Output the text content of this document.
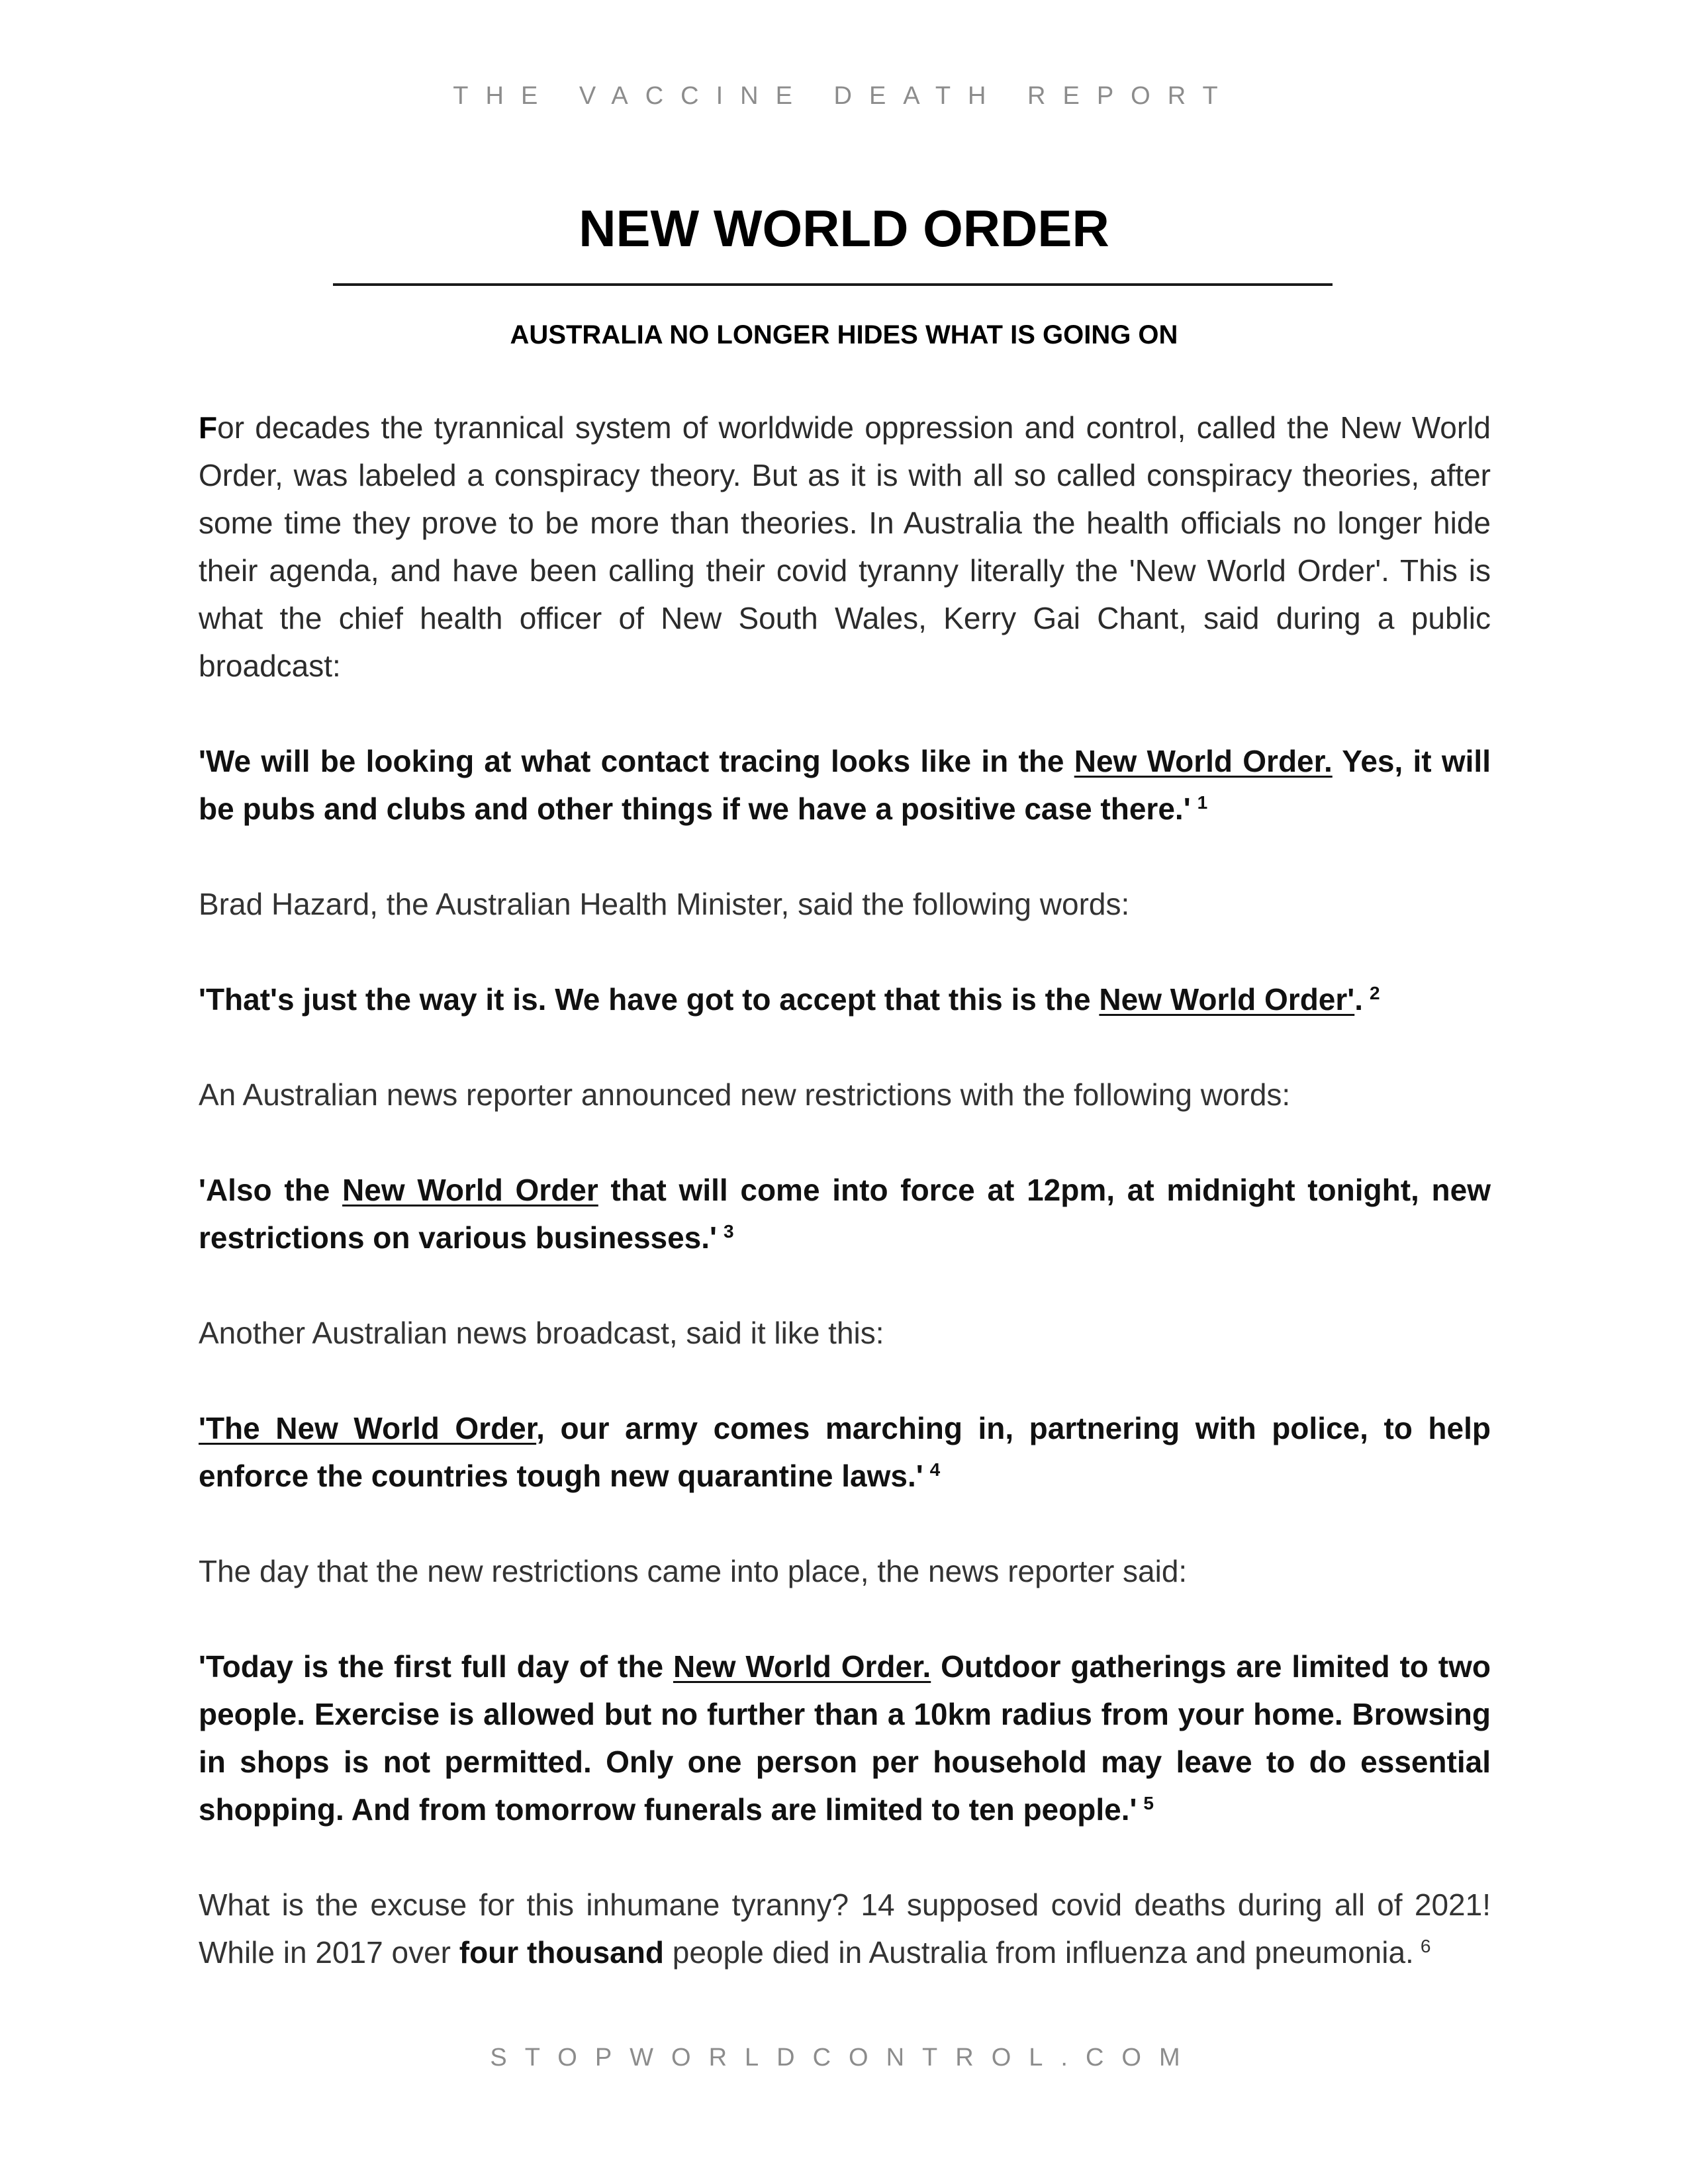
THE VACCINE DEATH REPORT
NEW WORLD ORDER
AUSTRALIA NO LONGER HIDES WHAT IS GOING ON

For decades the tyrannical system of worldwide oppression and control, called the New World Order, was labeled a conspiracy theory. But as it is with all so called conspiracy theories, after some time they prove to be more than theories. In Australia the health officials no longer hide their agenda, and have been calling their covid tyranny literally the 'New World Order'. This is what the chief health officer of New South Wales, Kerry Gai Chant, said during a public broadcast:

'We will be looking at what contact tracing looks like in the New World Order. Yes, it will be pubs and clubs and other things if we have a positive case there.' $^1$

Brad Hazard, the Australian Health Minister, said the following words:

'That's just the way it is. We have got to accept that this is the New World Order'. $^2$

An Australian news reporter announced new restrictions with the following words:

'Also the New World Order that will come into force at 12pm, at midnight tonight, new restrictions on various businesses.' $^3$

Another Australian news broadcast, said it like this:

'The New World Order, our army comes marching in, partnering with police, to help enforce the countries tough new quarantine laws.' $^4$

The day that the new restrictions came into place, the news reporter said:

'Today is the first full day of the New World Order. Outdoor gatherings are limited to two people. Exercise is allowed but no further than a 10km radius from your home. Browsing in shops is not permitted. Only one person per household may leave to do essential shopping. And from tomorrow funerals are limited to ten people.' $^5$

What is the excuse for this inhumane tyranny? 14 supposed covid deaths during all of 2021! While in 2017 over four thousand people died in Australia from influenza and pneumonia. $^6$

STOPWORLDCONTROL.COM
